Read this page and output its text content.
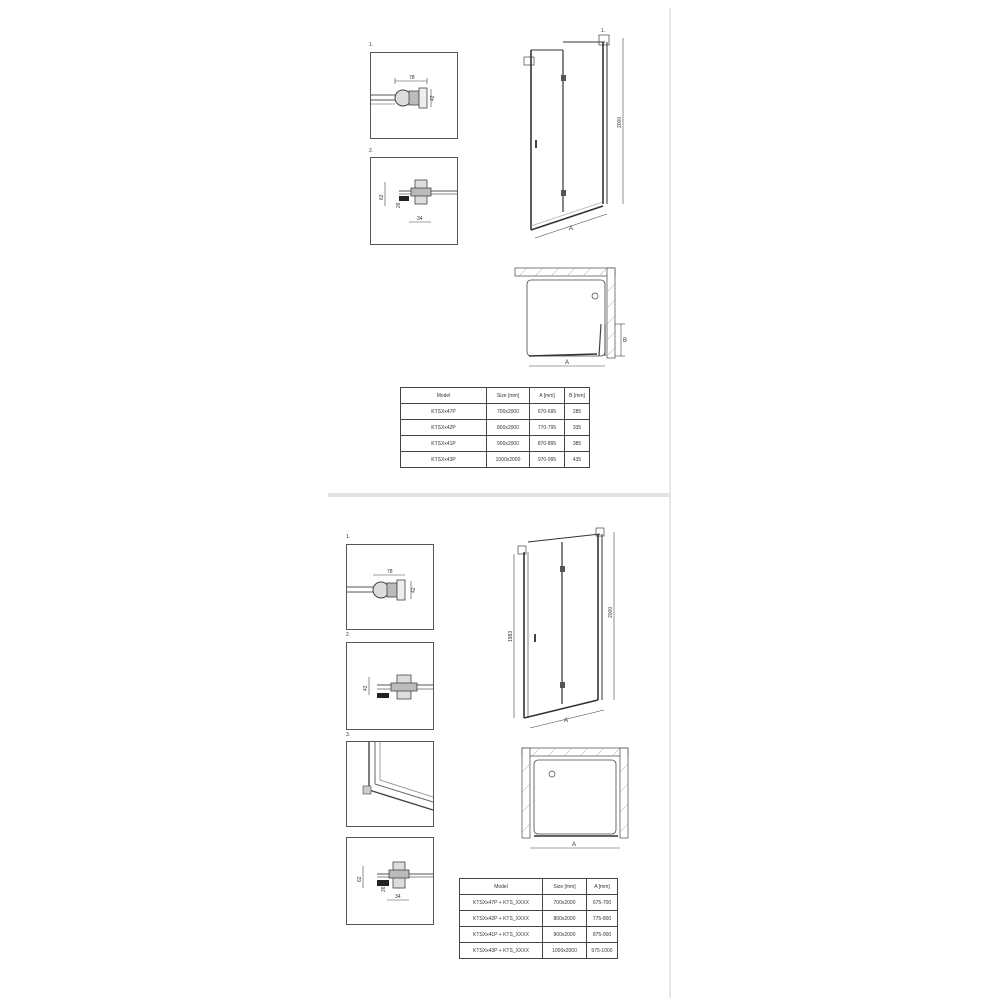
1.
78
42
2.
62
26
34
1.
2000
A
B
A
Model	Size [mm]	A [mm]	B [mm]
KTSXx47P	700x2000	670-695	285
KTSXx42P	800x2000	770-795	335
KTSXx41P	900x2000	870-895	385
KTSXx43P	1000x2000	970-995	435
1.
78
42
2.
42
3.
62
26
34
2000
1983
A
A
Model	Size [mm]	A [mm]
KTSXx47P + KTS_XXXX	700x2000	675-700
KTSXx42P + KTS_XXXX	800x2000	775-800
KTSXx41P + KTS_XXXX	900x2000	875-900
KTSXx43P + KTS_XXXX	1000x2000	975-1000
